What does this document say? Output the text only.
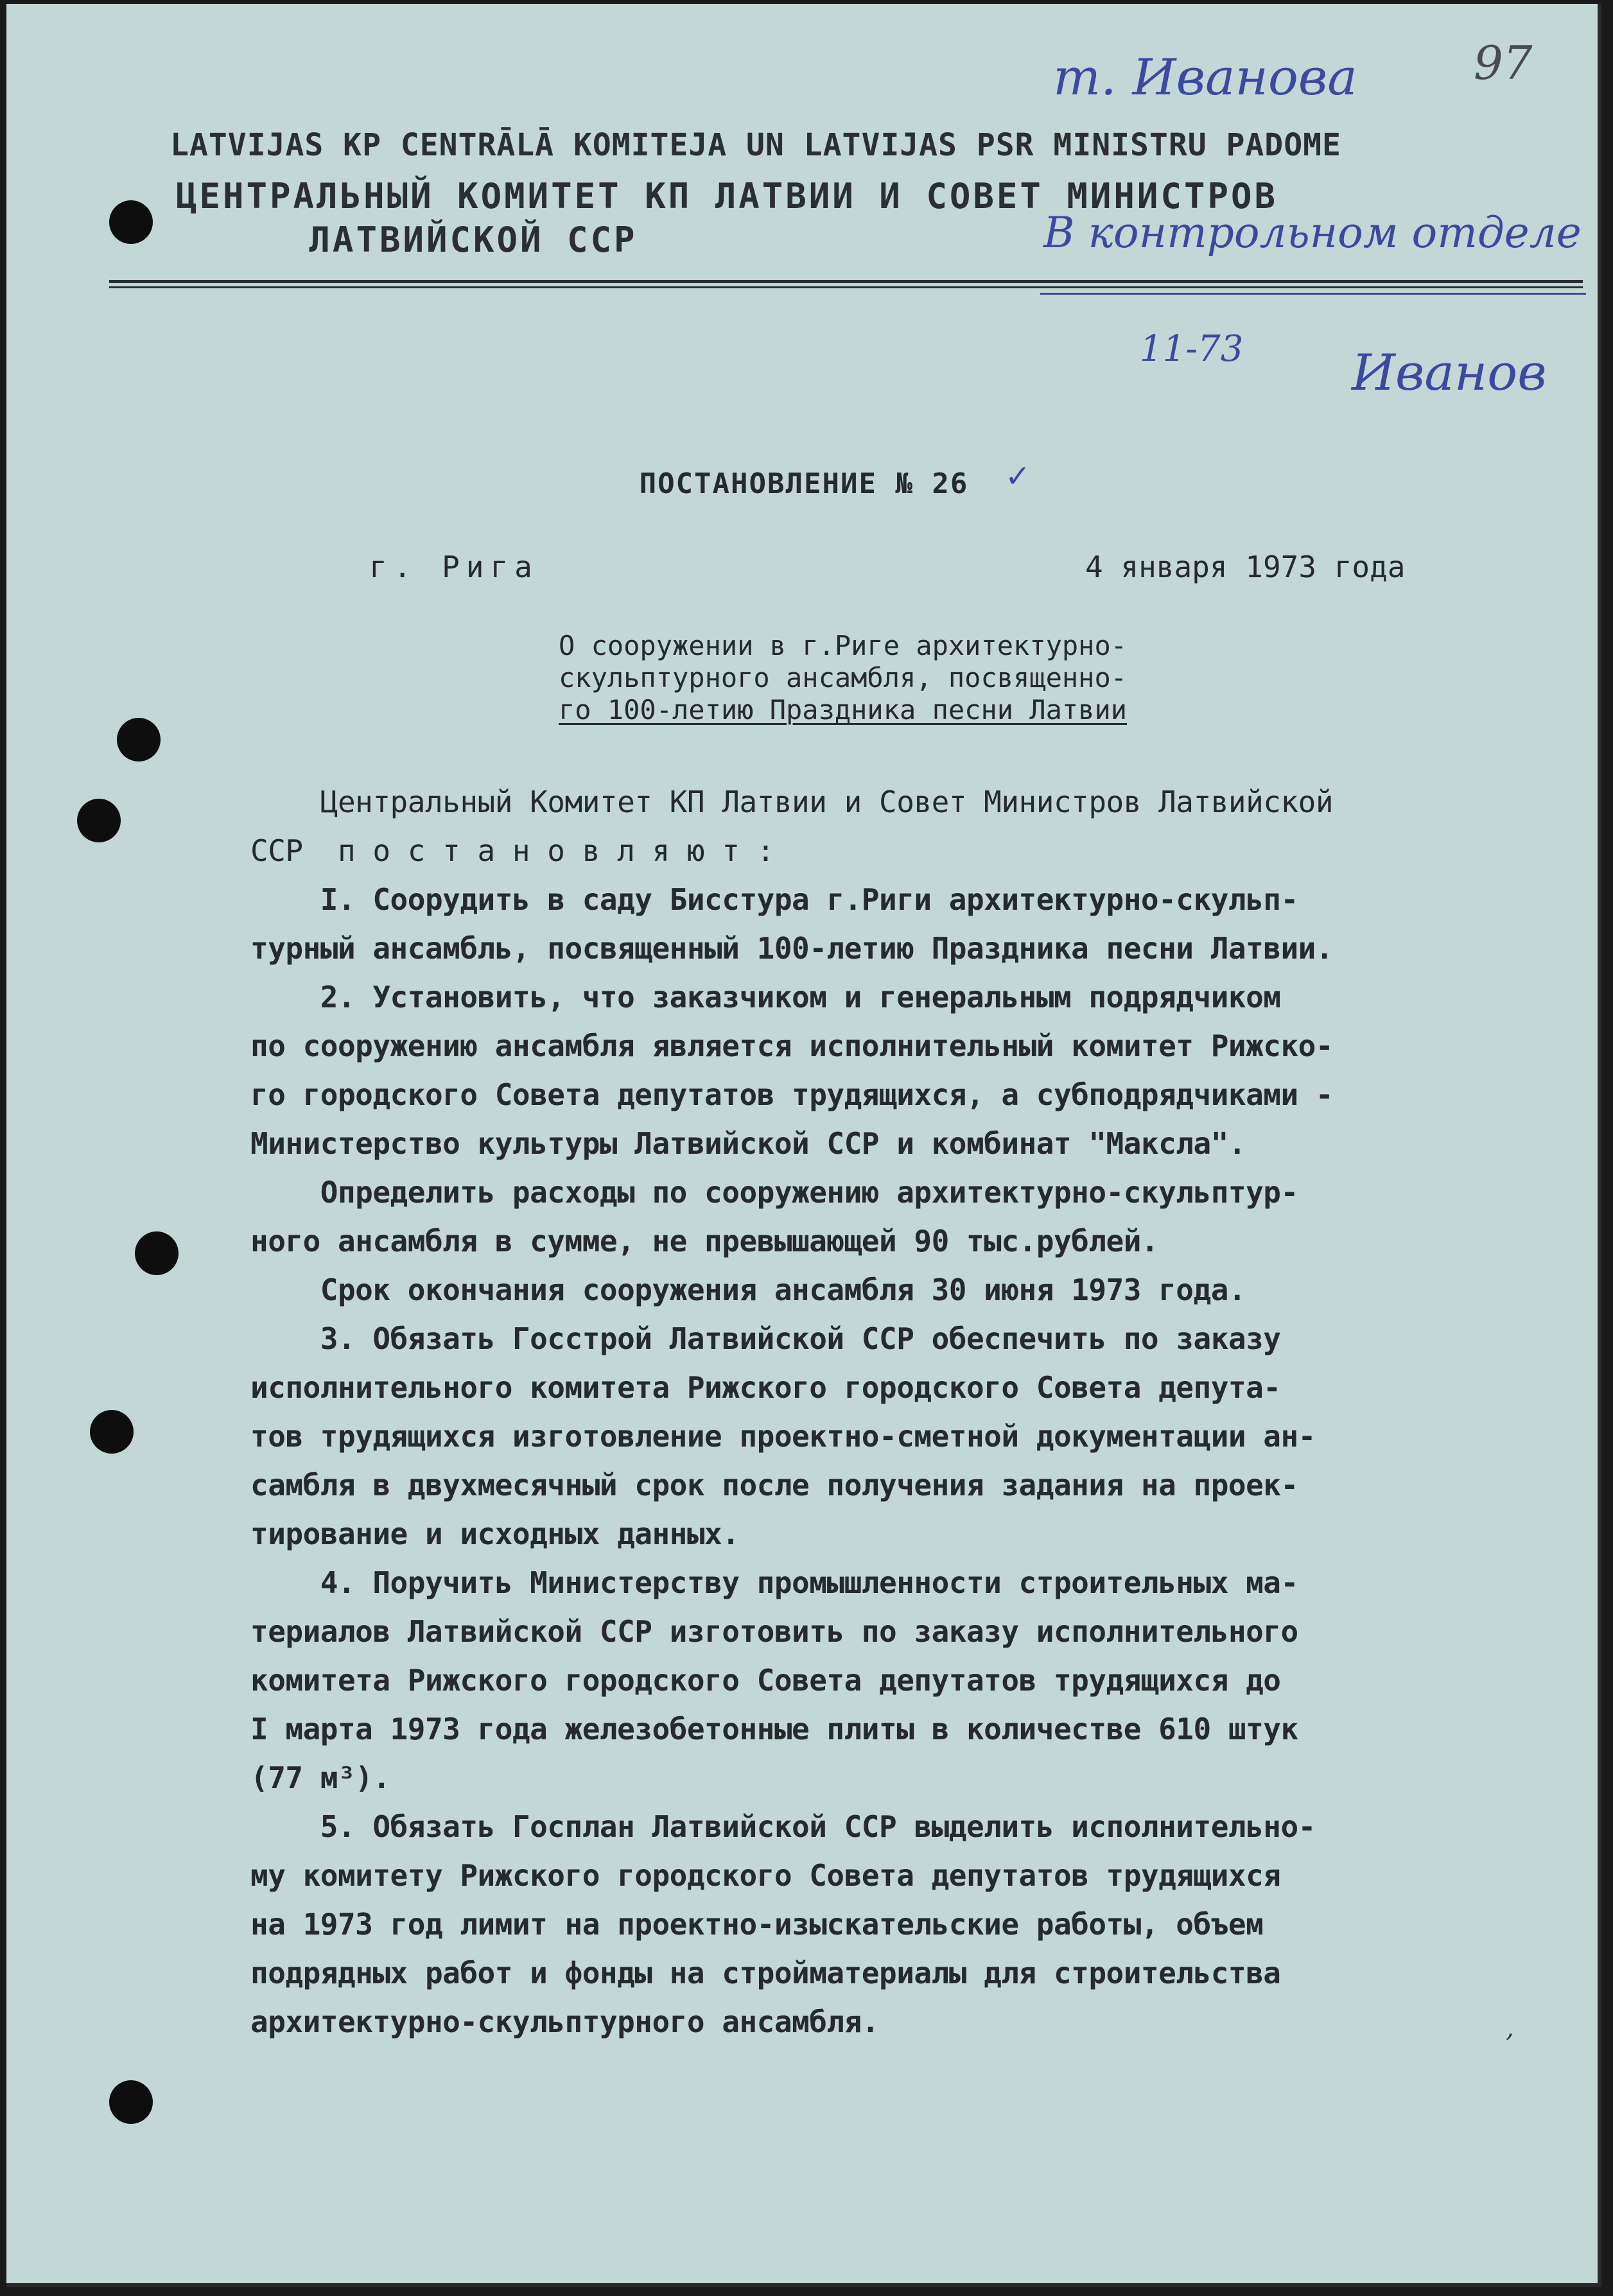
т. Иванова	97
В контрольном отделе
11-73 Иванов
LATVIJAS KP CENTRĀLĀ KOMITEJA UN LATVIJAS PSR MINISTRU PADOME
ЦЕНТРАЛЬНЫЙ КОМИТЕТ КП ЛАТВИИ И СОВЕТ МИНИСТРОВ
ЛАТВИЙСКОЙ ССР
ПОСТАНОВЛЕНИЕ № 26	✓
г. Рига	4 января 1973 года

О сооружении в г.Риге архитектурно-
скульптурного ансамбля, посвященно-
го 100-летию Праздника песни Латвии
Центральный Комитет КП Латвии и Совет Министров Латвийской
ССР  п о с т а н о в л я ю т :
I. Соорудить в саду Бисстура г.Риги архитектурно-скульп-
турный ансамбль, посвященный 100-летию Праздника песни Латвии.
2. Установить, что заказчиком и генеральным подрядчиком
по сооружению ансамбля является исполнительный комитет Рижско-
го городского Совета депутатов трудящихся, а субподрядчиками -
Министерство культуры Латвийской ССР и комбинат "Максла".
Определить расходы по сооружению архитектурно-скульптур-
ного ансамбля в сумме, не превышающей 90 тыс.рублей.
Срок окончания сооружения ансамбля 30 июня 1973 года.
3. Обязать Госстрой Латвийской ССР обеспечить по заказу
исполнительного комитета Рижского городского Совета депута-
тов трудящихся изготовление проектно-сметной документации ан-
самбля в двухмесячный срок после получения задания на проек-
тирование и исходных данных.
4. Поручить Министерству промышленности строительных ма-
териалов Латвийской ССР изготовить по заказу исполнительного
комитета Рижского городского Совета депутатов трудящихся до
I марта 1973 года железобетонные плиты в количестве 610 штук
(77 м³).
5. Обязать Госплан Латвийской ССР выделить исполнительно-
му комитету Рижского городского Совета депутатов трудящихся
на 1973 год лимит на проектно-изыскательские работы, объем
подрядных работ и фонды на стройматериалы для строительства
архитектурно-скульптурного ансамбля.	,
